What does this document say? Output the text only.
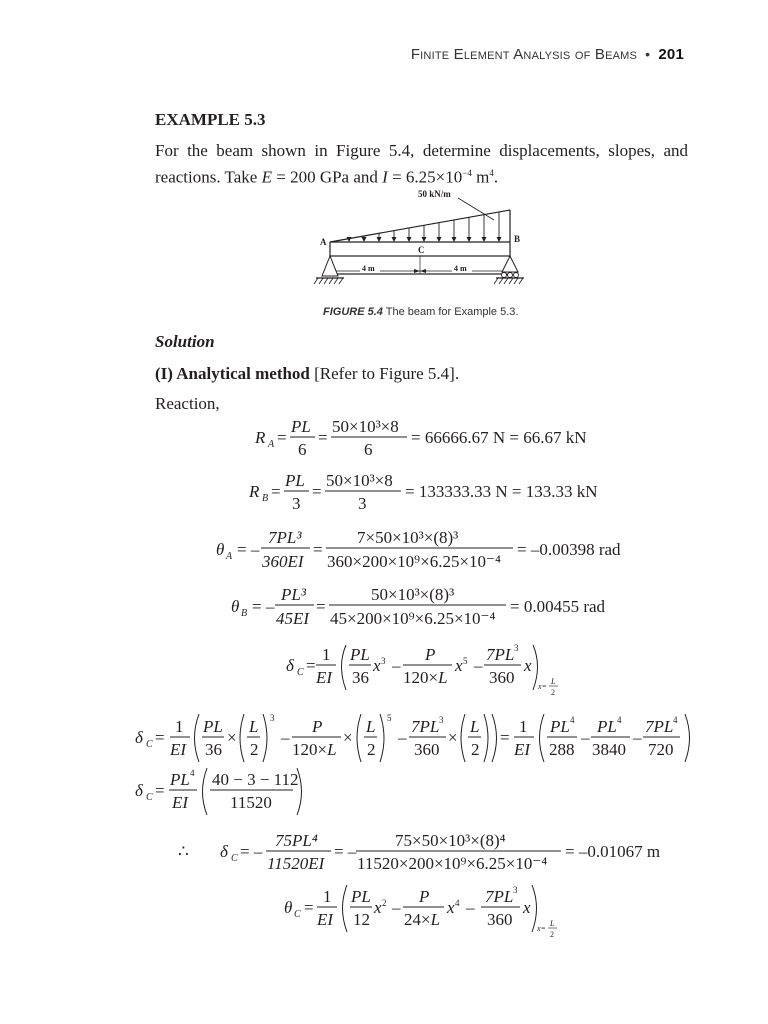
Finite Element Analysis of Beams • 201
EXAMPLE 5.3
For the beam shown in Figure 5.4, determine displacements, slopes, and reactions. Take E = 200 GPa and $I = 6.25\times 10^{-4}$ $m^4$.
50 kN/m
A	B
C
4 m	4 m
FIGURE 5.4 The beam for Example 5.3.
Solution
(I) Analytical method [Refer to Figure 5.4].
Reaction,
R A =
PL
6
=
50×10³×8
6
= 66666.67 N = 66.67 kN
R B =
PL
3
=
50×10³×8
3
= 133333.33 N = 133.33 kN
θ A = –
7PL³
360EI
=
7×50×10³×(8)³
360×200×10⁹×6.25×10⁻⁴
= –0.00398 rad
θ B = –
PL³
45EI
=
50×10³×(8)³
45×200×10⁹×6.25×10⁻⁴
= 0.00455 rad
δ C =
1
EI
PL
36
x 3 –
P
120×L
x 5 –
7PL 3
360
x
x=
L
2
δ C =
1
EI
PL
36
×
L
2
3
–
P
120×L
×
L
2
5
–
7PL 3
360
×
L
2
=
1
EI
PL 4
288
–
PL 4
3840
–
7PL 4
720
δ C =
PL 4
EI
40 − 3 − 112
11520
∴ δ C = –
75PL⁴
11520EI
= –
75×50×10³×(8)⁴
11520×200×10⁹×6.25×10⁻⁴
= –0.01067 m
θ C =
1
EI
PL
12
x 2 –
P
24×L
x 4 –
7PL 3
360
x
x=
L
2
